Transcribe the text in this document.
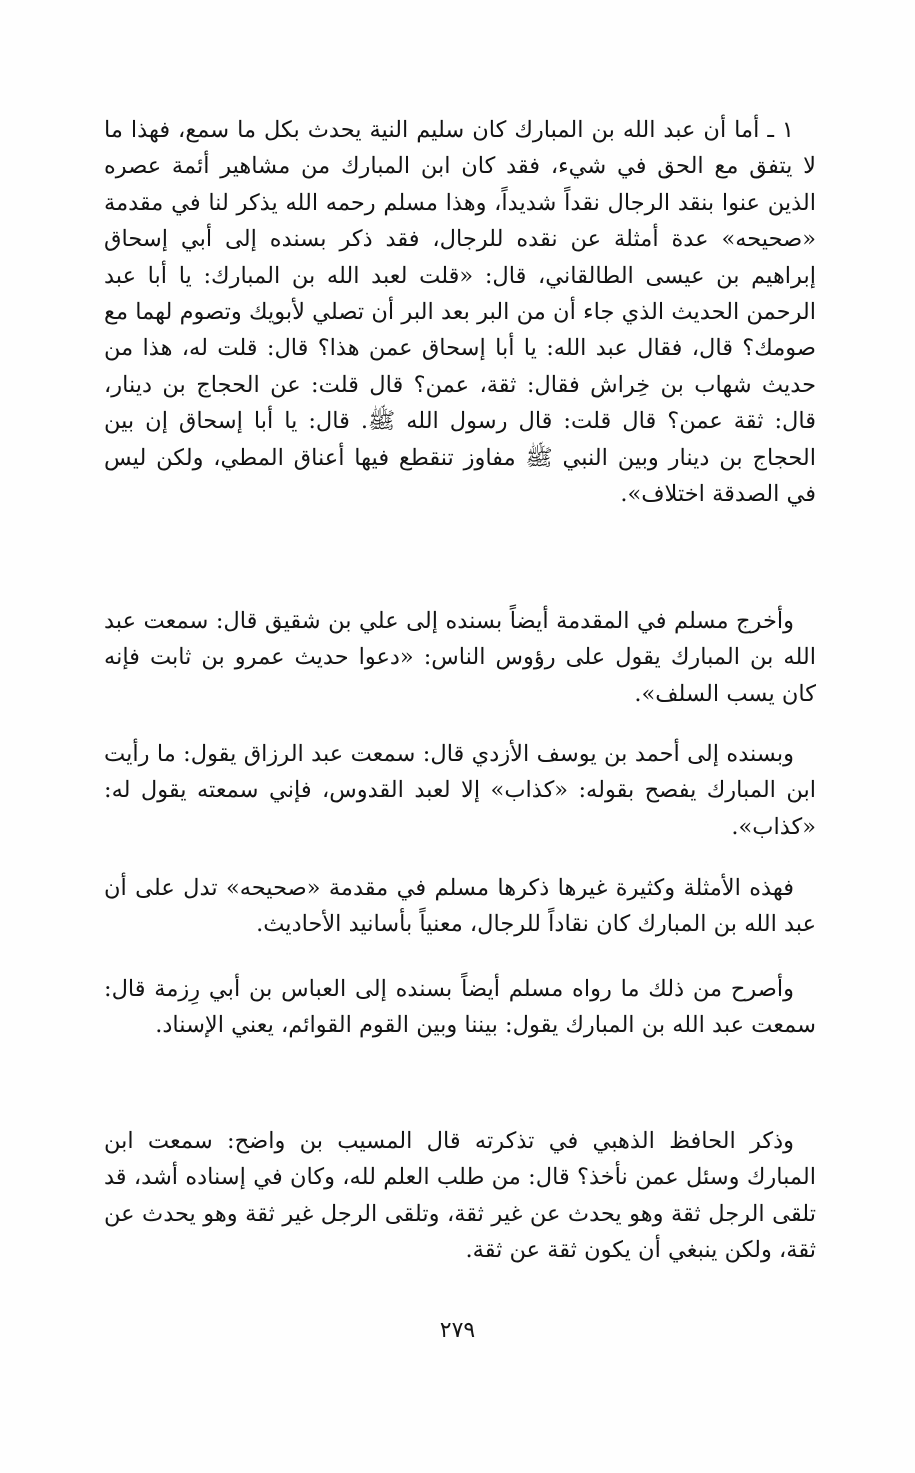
١ ـ أما أن عبد الله بن المبارك كان سليم النية يحدث بكل ما سمع، فهذا ما لا يتفق مع الحق في شيء، فقد كان ابن المبارك من مشاهير أئمة عصره الذين عنوا بنقد الرجال نقداً شديداً، وهذا مسلم رحمه الله يذكر لنا في مقدمة «صحيحه» عدة أمثلة عن نقده للرجال، فقد ذكر بسنده إلى أبي إسحاق إبراهيم بن عيسى الطالقاني، قال: «قلت لعبد الله بن المبارك: يا أبا عبد الرحمن الحديث الذي جاء أن من البر بعد البر أن تصلي لأبويك وتصوم لهما مع صومك؟ قال، فقال عبد الله: يا أبا إسحاق عمن هذا؟ قال: قلت له، هذا من حديث شهاب بن خِراش فقال: ثقة، عمن؟ قال قلت: عن الحجاج بن دينار، قال: ثقة عمن؟ قال قلت: قال رسول الله ﷺ. قال: يا أبا إسحاق إن بين الحجاج بن دينار وبين النبي ﷺ مفاوز تنقطع فيها أعناق المطي، ولكن ليس في الصدقة اختلاف».

وأخرج مسلم في المقدمة أيضاً بسنده إلى علي بن شقيق قال: سمعت عبد الله بن المبارك يقول على رؤوس الناس: «دعوا حديث عمرو بن ثابت فإنه كان يسب السلف».

وبسنده إلى أحمد بن يوسف الأزدي قال: سمعت عبد الرزاق يقول: ما رأيت ابن المبارك يفصح بقوله: «كذاب» إلا لعبد القدوس، فإني سمعته يقول له: «كذاب».

فهذه الأمثلة وكثيرة غيرها ذكرها مسلم في مقدمة «صحيحه» تدل على أن عبد الله بن المبارك كان نقاداً للرجال، معنياً بأسانيد الأحاديث.

وأصرح من ذلك ما رواه مسلم أيضاً بسنده إلى العباس بن أبي رِزمة قال: سمعت عبد الله بن المبارك يقول: بيننا وبين القوم القوائم، يعني الإسناد.

وذكر الحافظ الذهبي في تذكرته قال المسيب بن واضح: سمعت ابن المبارك وسئل عمن نأخذ؟ قال: من طلب العلم لله، وكان في إسناده أشد، قد تلقى الرجل ثقة وهو يحدث عن غير ثقة، وتلقى الرجل غير ثقة وهو يحدث عن ثقة، ولكن ينبغي أن يكون ثقة عن ثقة.

٢٧٩
